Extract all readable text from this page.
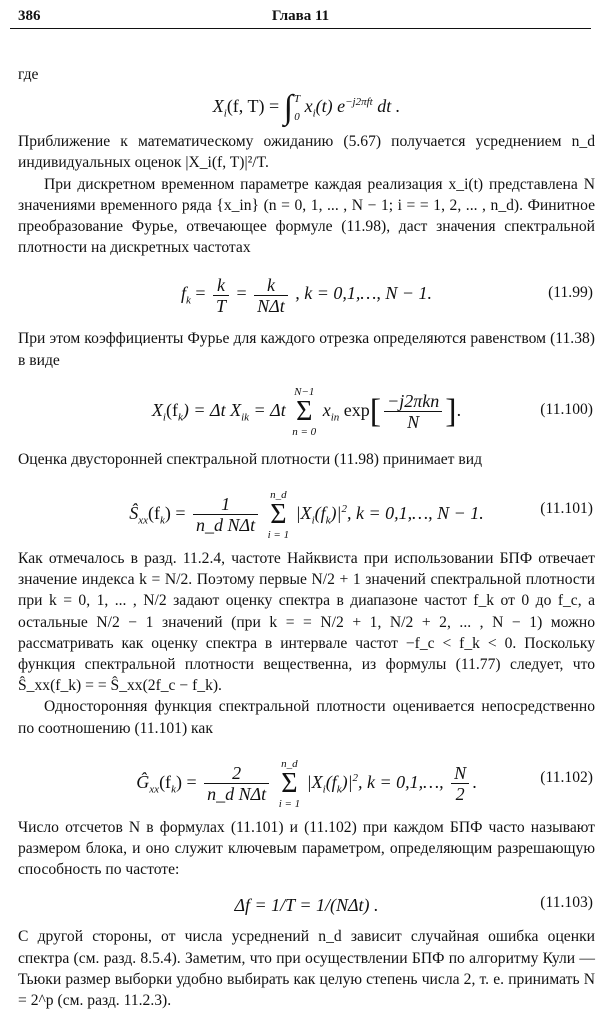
386	Глава 11

где

$X_i(f$, T) = ∫ T
0
$x_i(t)$ $e^{-j2\pi ft}$ dt .

Приближение к математическому ожиданию (5.67) получается усреднением n_d индивидуальных оценок |X_i(f, T)|²/T.

При дискретном временном параметре каждая реализация x_i(t) представлена N значениями временного ряда {x_in} (n = 0, 1, ... , N − 1; i = = 1, 2, ... , n_d). Финитное преобразование Фурье, отвечающее формуле (11.98), даст значения спектральной плотности на дискретных частотах

$f_k = \frac{k}{T} = \frac{k}{\text{NΔt}}$ , k = 0,1,…, N − 1.	(11.99)

При этом коэффициенты Фурье для каждого отрезка определяются равенством (11.38) в виде

$X_i(f_k) = \Delta t$ $X_{ik} = \Delta t$
N−1
Σ
n = 0
$x_{in}$ $\exp[ \frac{\text{−j2πkn}}{N}$ ].	(11.100)

Оценка двусторонней спектральной плотности (11.98) принимает вид

$Ŝ_{xx}(f_k) = \frac{1}{\text{n\_d NΔt}}$
n_d
Σ
i = 1
$|X_i(f_k)|^2$, k = 0,1,…, N − 1.	(11.101)

Как отмечалось в разд. 11.2.4, частоте Найквиста при использовании БПФ отвечает значение индекса k = N/2. Поэтому первые N/2 + 1 значений спектральной плотности при k = 0, 1, ... , N/2 задают оценку спектра в диапазоне частот f_k от 0 до f_c, а остальные N/2 − 1 значений (при k = = N/2 + 1, N/2 + 2, ... , N − 1) можно рассматривать как оценку спектра в интервале частот −f_c < f_k < 0. Поскольку функция спектральной плотности вещественна, из формулы (11.77) следует, что Ŝ_xx(f_k) = = Ŝ_xx(2f_c − f_k).

Односторонняя функция спектральной плотности оценивается непосредственно по соотношению (11.101) как

$Ĝ_{xx}(f_k) = \frac{2}{\text{n\_d NΔt}}$
n_d
Σ
i = 1
$|X_i(f_k)|^2$, k = 0,1,…, $\frac{N}{2}$ .	(11.102)

Число отсчетов N в формулах (11.101) и (11.102) при каждом БПФ часто называют размером блока, и оно служит ключевым параметром, определяющим разрешающую способность по частоте:

Δf = 1/T = 1/(NΔt) .	(11.103)

С другой стороны, от числа усреднений n_d зависит случайная ошибка оценки спектра (см. разд. 8.5.4). Заметим, что при осуществлении БПФ по алгоритму Кули — Тьюки размер выборки удобно выбирать как целую степень числа 2, т. е. принимать N = 2^p (см. разд. 11.2.3).
